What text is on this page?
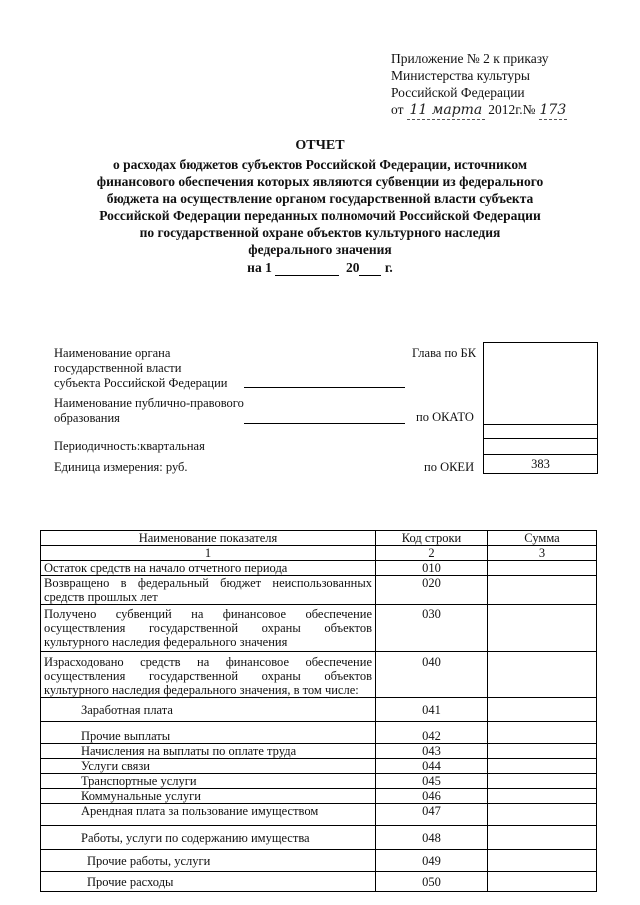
Приложение № 2 к приказу
Министерства культуры
Российской Федерации
от 11 марта 2012г.№ 173
ОТЧЕТ
о расходах бюджетов субъектов Российской Федерации, источником
финансового обеспечения которых являются субвенции из федерального
бюджета на осуществление органом государственной власти субъекта
Российской Федерации переданных полномочий Российской Федерации
по государственной охране объектов культурного наследия
федерального значения
на 1	20 г.
Наименование органа
государственной власти
субъекта Российской Федерации
Наименование публично-правового
образования
Периодичность:квартальная
Единица измерения: руб.
Глава по БК
по ОКАТО
по ОКЕИ	383
Наименование показателя	Код строки	Сумма
1	2	3
Остаток средств на начало отчетного периода	010	
Возвращено в федеральный бюджет неиспользованных средств прошлых лет	020	
Получено субвенций на финансовое обеспечение осуществления государственной охраны объектов культурного наследия федерального значения	030	
Израсходовано средств на финансовое обеспечение осуществления государственной охраны объектов культурного наследия федерального значения, в том числе:	040	
Заработная плата	041	
Прочие выплаты	042	
Начисления на выплаты по оплате труда	043	
Услуги связи	044	
Транспортные услуги	045	
Коммунальные услуги	046	
Арендная плата за пользование имуществом	047	
Работы, услуги по содержанию имущества	048	
Прочие работы, услуги	049	
Прочие расходы	050	
